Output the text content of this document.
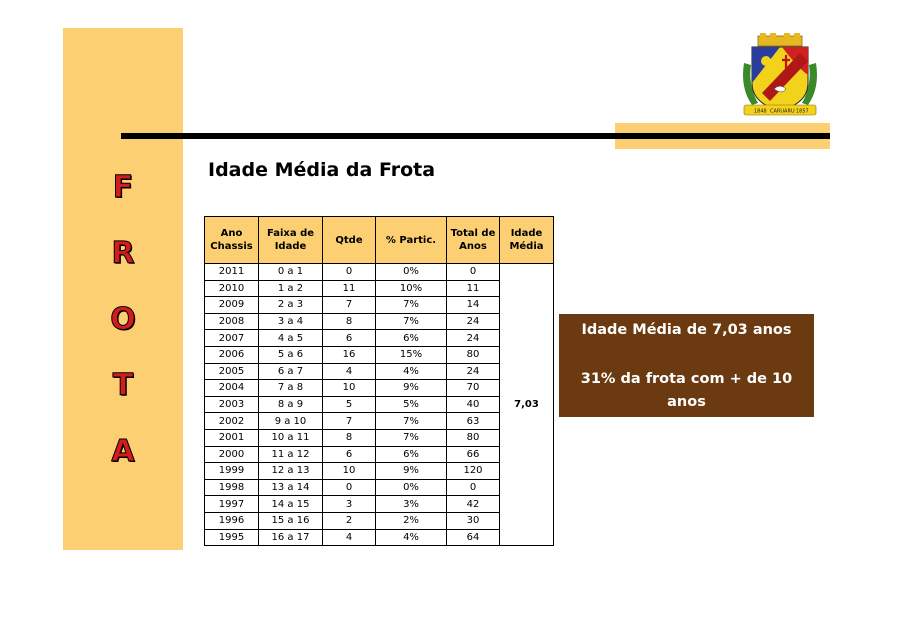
F
R
O
T
A
1848 CARUARU 1857
Idade Média da Frota
Ano Chassis	Faixa de Idade	Qtde	% Partic.	Total de Anos	Idade Média
2011	0 a 1	0	0%	0	7,03
2010	1 a 2	11	10%	11	
2009	2 a 3	7	7%	14	
2008	3 a 4	8	7%	24	
2007	4 a 5	6	6%	24	
2006	5 a 6	16	15%	80	
2005	6 a 7	4	4%	24	
2004	7 a 8	10	9%	70	
2003	8 a 9	5	5%	40	
2002	9 a 10	7	7%	63	
2001	10 a 11	8	7%	80	
2000	11 a 12	6	6%	66	
1999	12 a 13	10	9%	120	
1998	13 a 14	0	0%	0	
1997	14 a 15	3	3%	42	
1996	15 a 16	2	2%	30	
1995	16 a 17	4	4%	64	
Idade Média de 7,03 anos
31% da frota com + de 10 anos
